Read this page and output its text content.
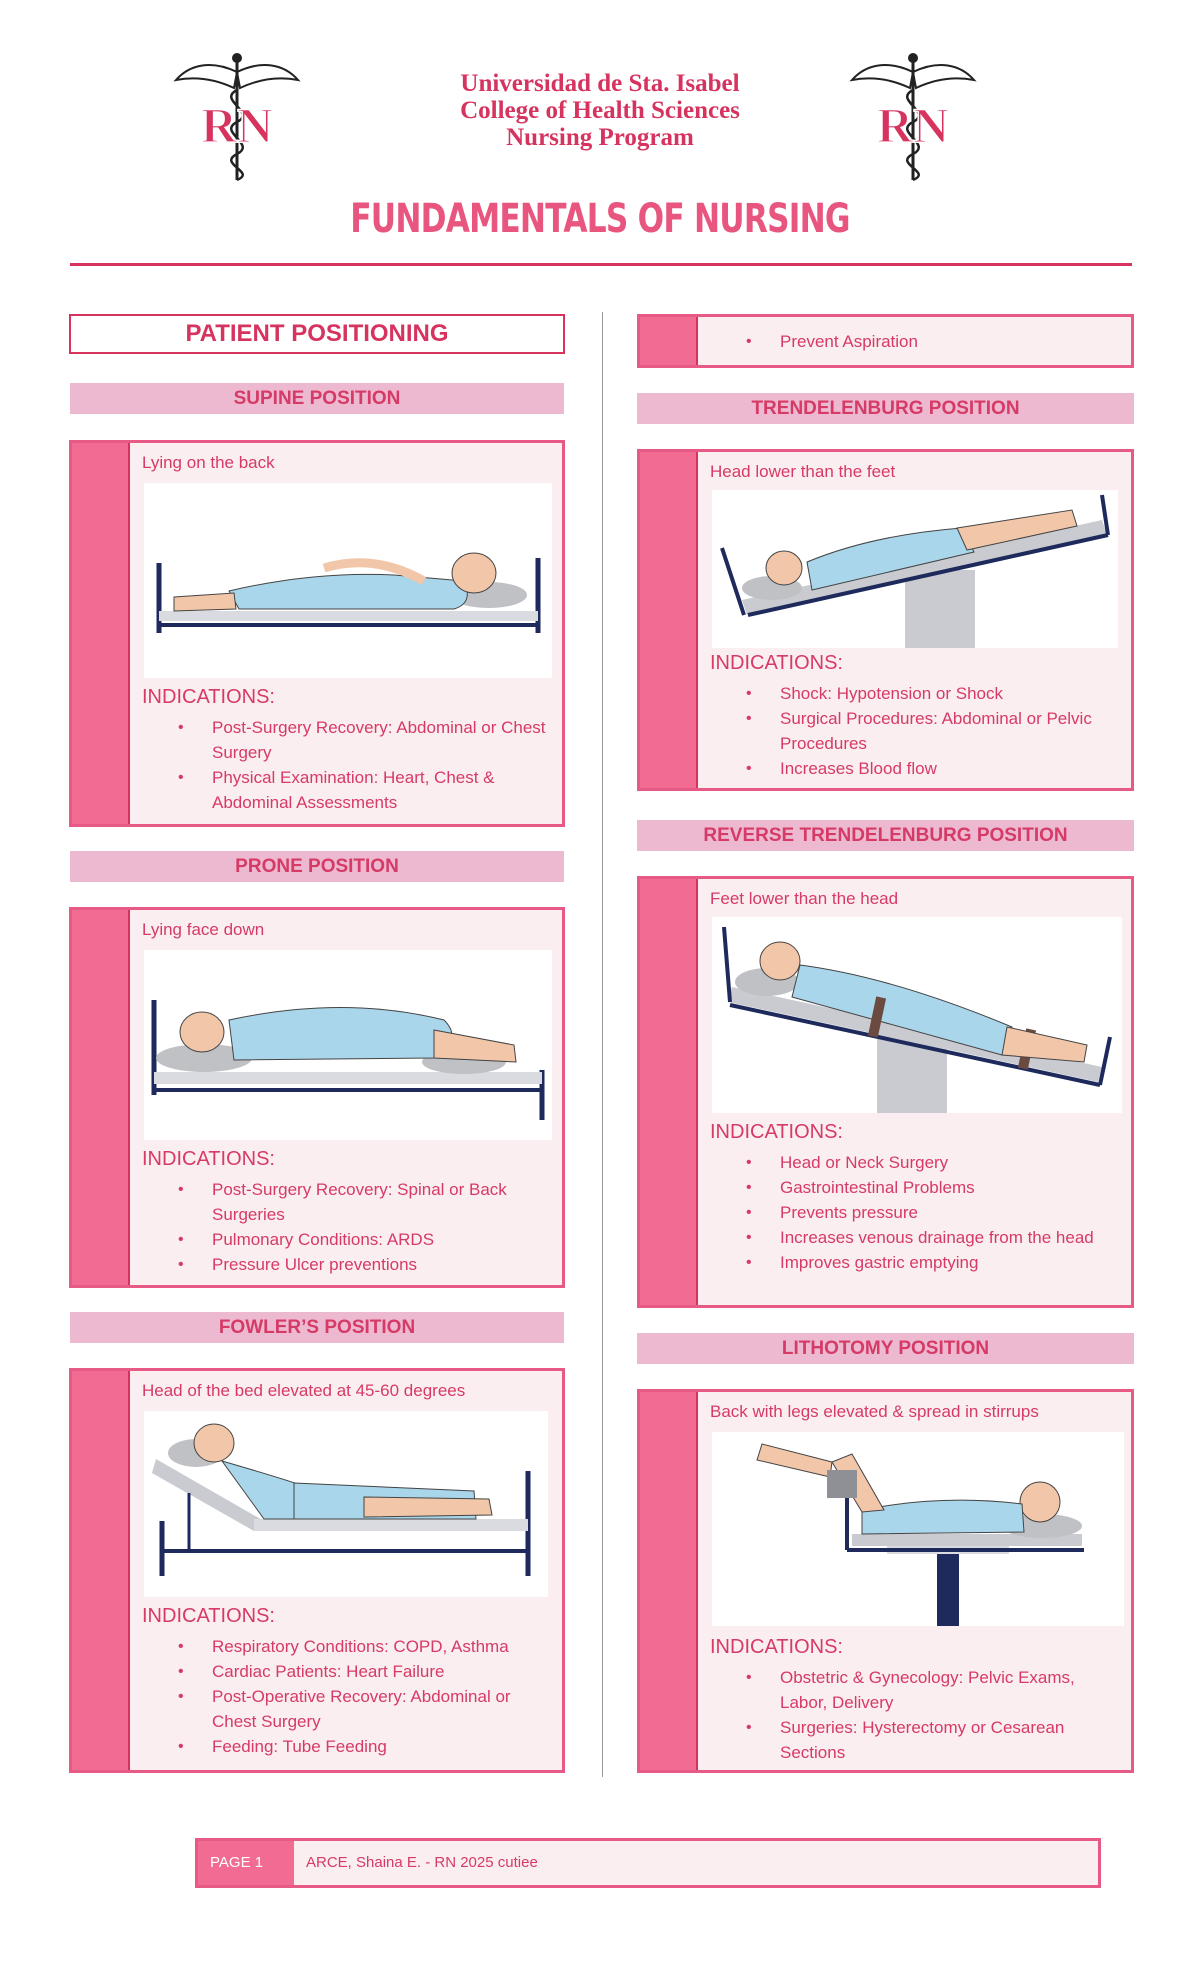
RN	RN
Universidad de Sta. Isabel
College of Health Sciences
Nursing Program
FUNDAMENTALS OF NURSING
PATIENT POSITIONING
SUPINE POSITION
Lying on the back
INDICATIONS:
• Post-Surgery Recovery: Abdominal or Chest Surgery
• Physical Examination: Heart, Chest & Abdominal Assessments
PRONE POSITION
Lying face down
INDICATIONS:
• Post-Surgery Recovery: Spinal or Back Surgeries
• Pulmonary Conditions: ARDS
• Pressure Ulcer preventions
FOWLER’S POSITION
Head of the bed elevated at 45-60 degrees
INDICATIONS:
• Respiratory Conditions: COPD, Asthma
• Cardiac Patients: Heart Failure
• Post-Operative Recovery: Abdominal or Chest Surgery
• Feeding: Tube Feeding
• Prevent Aspiration
TRENDELENBURG POSITION
Head lower than the feet
INDICATIONS:
• Shock: Hypotension or Shock
• Surgical Procedures: Abdominal or Pelvic Procedures
• Increases Blood flow
REVERSE TRENDELENBURG POSITION
Feet lower than the head
INDICATIONS:
• Head or Neck Surgery
• Gastrointestinal Problems
• Prevents pressure
• Increases venous drainage from the head
• Improves gastric emptying
LITHOTOMY POSITION
Back with legs elevated & spread in stirrups
INDICATIONS:
• Obstetric & Gynecology: Pelvic Exams, Labor, Delivery
• Surgeries: Hysterectomy or Cesarean Sections
PAGE 1	ARCE, Shaina E. - RN 2025 cutiee
